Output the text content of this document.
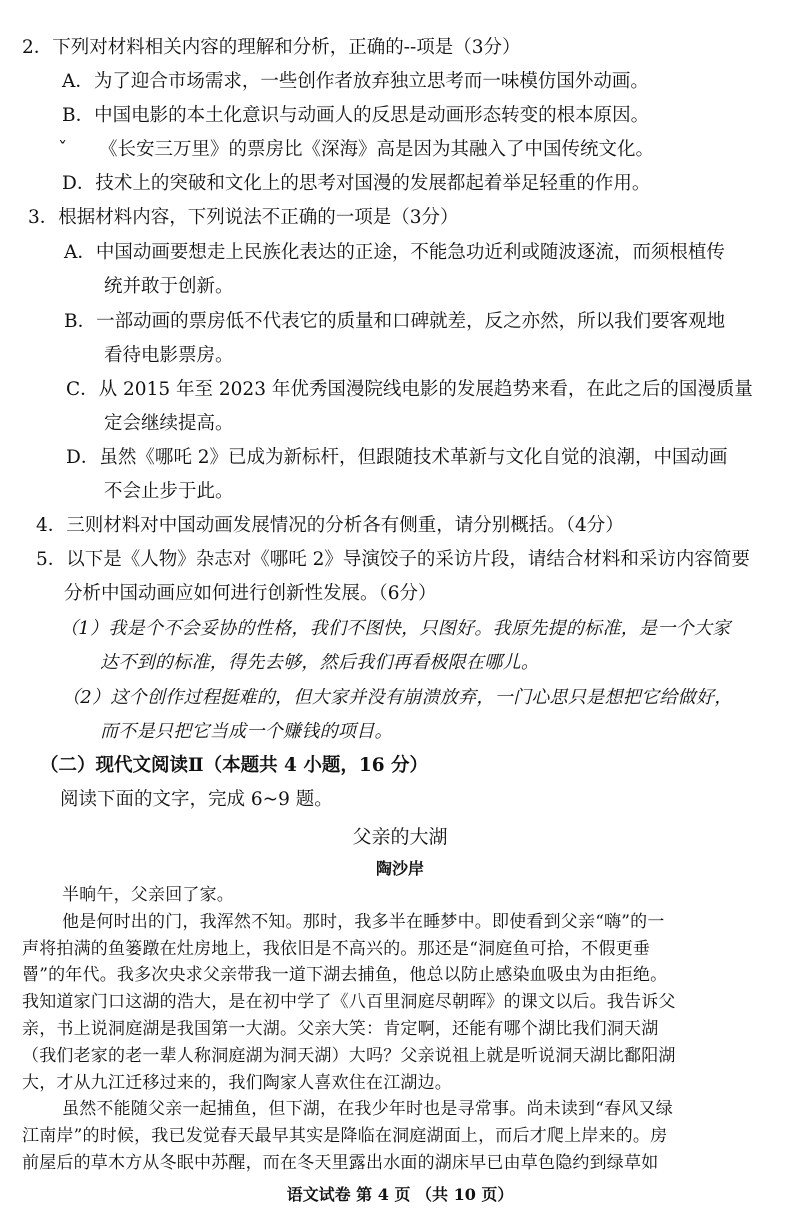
2．下列对材料相关内容的理解和分析，正确的--项是（3分）
A．为了迎合市场需求，一些创作者放弃独立思考而一味模仿国外动画。
B．中国电影的本土化意识与动画人的反思是动画形态转变的根本原因。
ˇ 《长安三万里》的票房比《深海》高是因为其融入了中国传统文化。
D．技术上的突破和文化上的思考对国漫的发展都起着举足轻重的作用。
3．根据材料内容，下列说法不正确的一项是（3分）
A．中国动画要想走上民族化表达的正途，不能急功近利或随波逐流，而须根植传
统并敢于创新。
B．一部动画的票房低不代表它的质量和口碑就差，反之亦然，所以我们要客观地
看待电影票房。
C．从 2015 年至 2023 年优秀国漫院线电影的发展趋势来看，在此之后的国漫质量
定会继续提高。
D．虽然《哪吒 2》已成为新标杆，但跟随技术革新与文化自觉的浪潮，中国动画
不会止步于此。
4．三则材料对中国动画发展情况的分析各有侧重，请分别概括。（4分）
5．以下是《人物》杂志对《哪吒 2》导演饺子的采访片段，请结合材料和采访内容简要
分析中国动画应如何进行创新性发展。（6分）
（1）我是个不会妥协的性格，我们不图快，只图好。我原先提的标准，是一个大家
达不到的标准，得先去够，然后我们再看极限在哪儿。
（2）这个创作过程挺难的，但大家并没有崩溃放弃，一门心思只是想把它给做好，
而不是只把它当成一个赚钱的项目。
（二）现代文阅读Ⅱ（本题共 4 小题，16 分）
阅读下面的文字，完成 6~9 题。
父亲的大湖
陶沙岸
语文试卷 第 4 页 （共 10 页）
半晌午，父亲回了家。
他是何时出的门，我浑然不知。那时，我多半在睡梦中。即使看到父亲“嗨”的一
声将拍满的鱼篓蹾在灶房地上，我依旧是不高兴的。那还是“洞庭鱼可拾，不假更垂
罾”的年代。我多次央求父亲带我一道下湖去捕鱼，他总以防止感染血吸虫为由拒绝。
我知道家门口这湖的浩大，是在初中学了《八百里洞庭尽朝晖》的课文以后。我告诉父
亲，书上说洞庭湖是我国第一大湖。父亲大笑：肯定啊，还能有哪个湖比我们洞天湖
（我们老家的老一辈人称洞庭湖为洞天湖）大吗？父亲说祖上就是听说洞天湖比鄱阳湖
大，才从九江迁移过来的，我们陶家人喜欢住在江湖边。
虽然不能随父亲一起捕鱼，但下湖，在我少年时也是寻常事。尚未读到“春风又绿
江南岸”的时候，我已发觉春天最早其实是降临在洞庭湖面上，而后才爬上岸来的。房
前屋后的草木方从冬眠中苏醒，而在冬天里露出水面的湖床早已由草色隐约到绿草如
